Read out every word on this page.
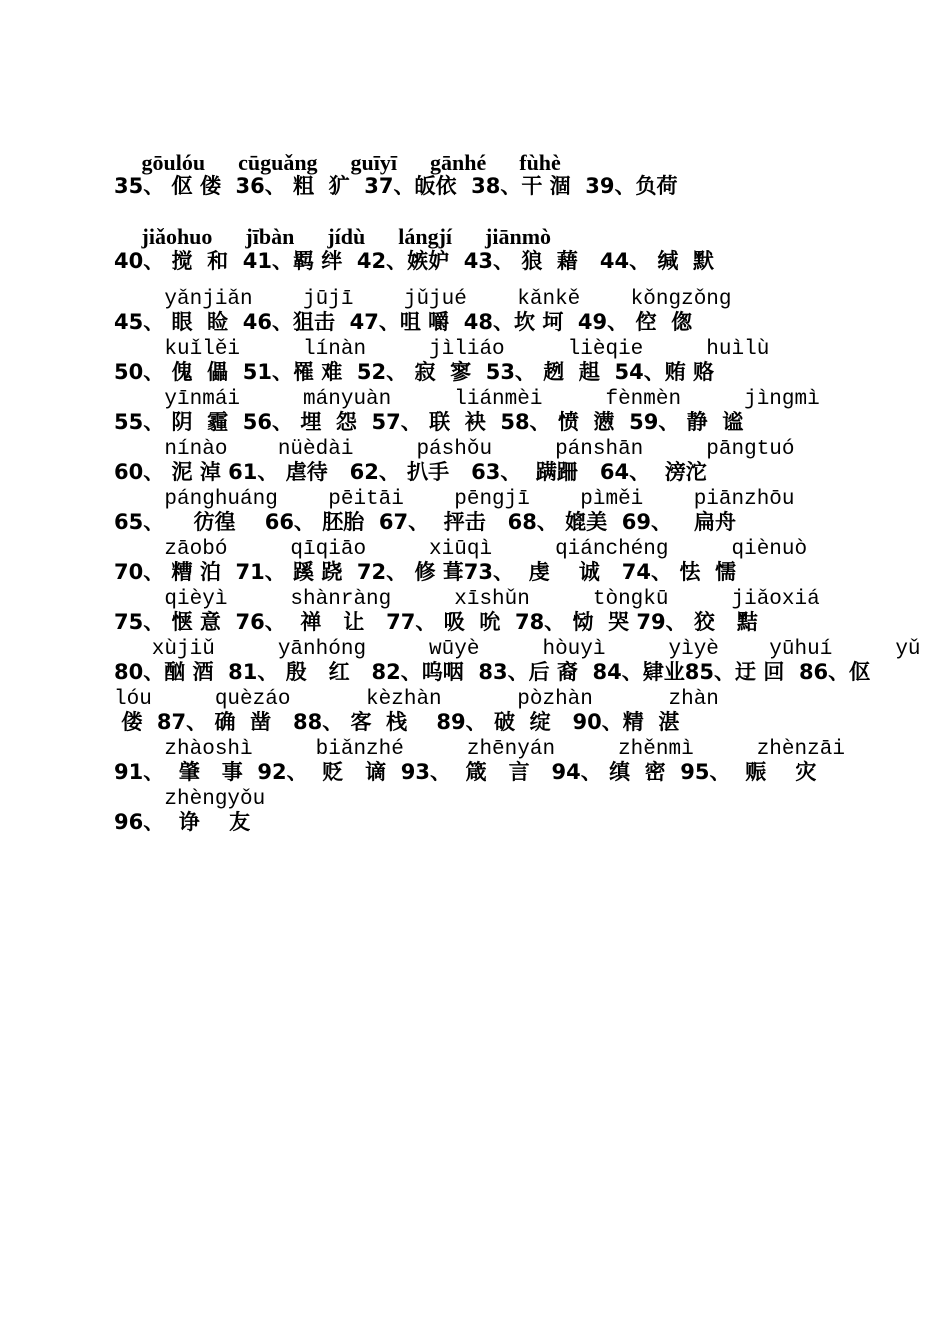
gōulóu      cūguǎng      guīyī      gānhé      fùhè
35、 伛 偻  36、 粗  犷  37、皈依  38、干 涸  39、负荷
jiǎohuo      jībàn      jídù      lángjí      jiānmò
40、 搅  和  41、羁 绊  42、嫉妒  43、 狼  藉   44、 缄  默
yǎnjiǎn    jūjī    jǔjué    kǎnkě    kǒngzǒng
45、 眼  睑  46、狙击  47、咀 嚼  48、坎 坷  49、 倥  偬
kuǐlěi     línàn     jìliáo     lièqie     huìlù
50、 傀  儡  51、罹 难  52、 寂  寥  53、 趔  趄  54、贿 赂
yīnmái     mányuàn     liánmèi     fènmèn     jìngmì
55、 阴  霾  56、 埋  怨  57、 联  袂  58、 愤  懑  59、 静  谧
nínào    nüèdài     páshǒu     pánshān     pāngtuó
60、 泥 淖 61、 虐待   62、 扒手   63、  蹒跚   64、  滂沱
pánghuáng    pēitāi    pēngjī    pìměi    piānzhōu
65、    彷徨    66、 胚胎  67、  抨击   68、 媲美  69、   扁舟
zāobó     qīqiāo     xiūqì     qiánchéng     qiènuò
70、 糟 泊  71、 蹊 跷  72、 修 葺73、  虔    诚   74、 怯  懦
qièyì     shànràng     xīshǔn     tòngkū     jiǎoxiá
75、 惬 意  76、  禅   让   77、 吸  吮  78、 恸  哭 79、 狡   黠
xùjiǔ     yānhóng     wūyè     hòuyì     yìyè    yūhuí     yǔ
80、酗 酒  81、 殷   红   82、呜咽  83、后 裔  84、肄业85、迂 回  86、伛
lóu     quèzáo      kèzhàn      pòzhàn      zhàn
偻  87、 确  凿   88、 客  栈    89、 破  绽   90、精  湛
zhàoshì     biǎnzhé     zhēnyán     zhěnmì     zhènzāi
91、  肇   事  92、  贬   谪  93、  箴   言   94、 缜  密  95、  赈    灾
zhèngyǒu
96、  诤    友
